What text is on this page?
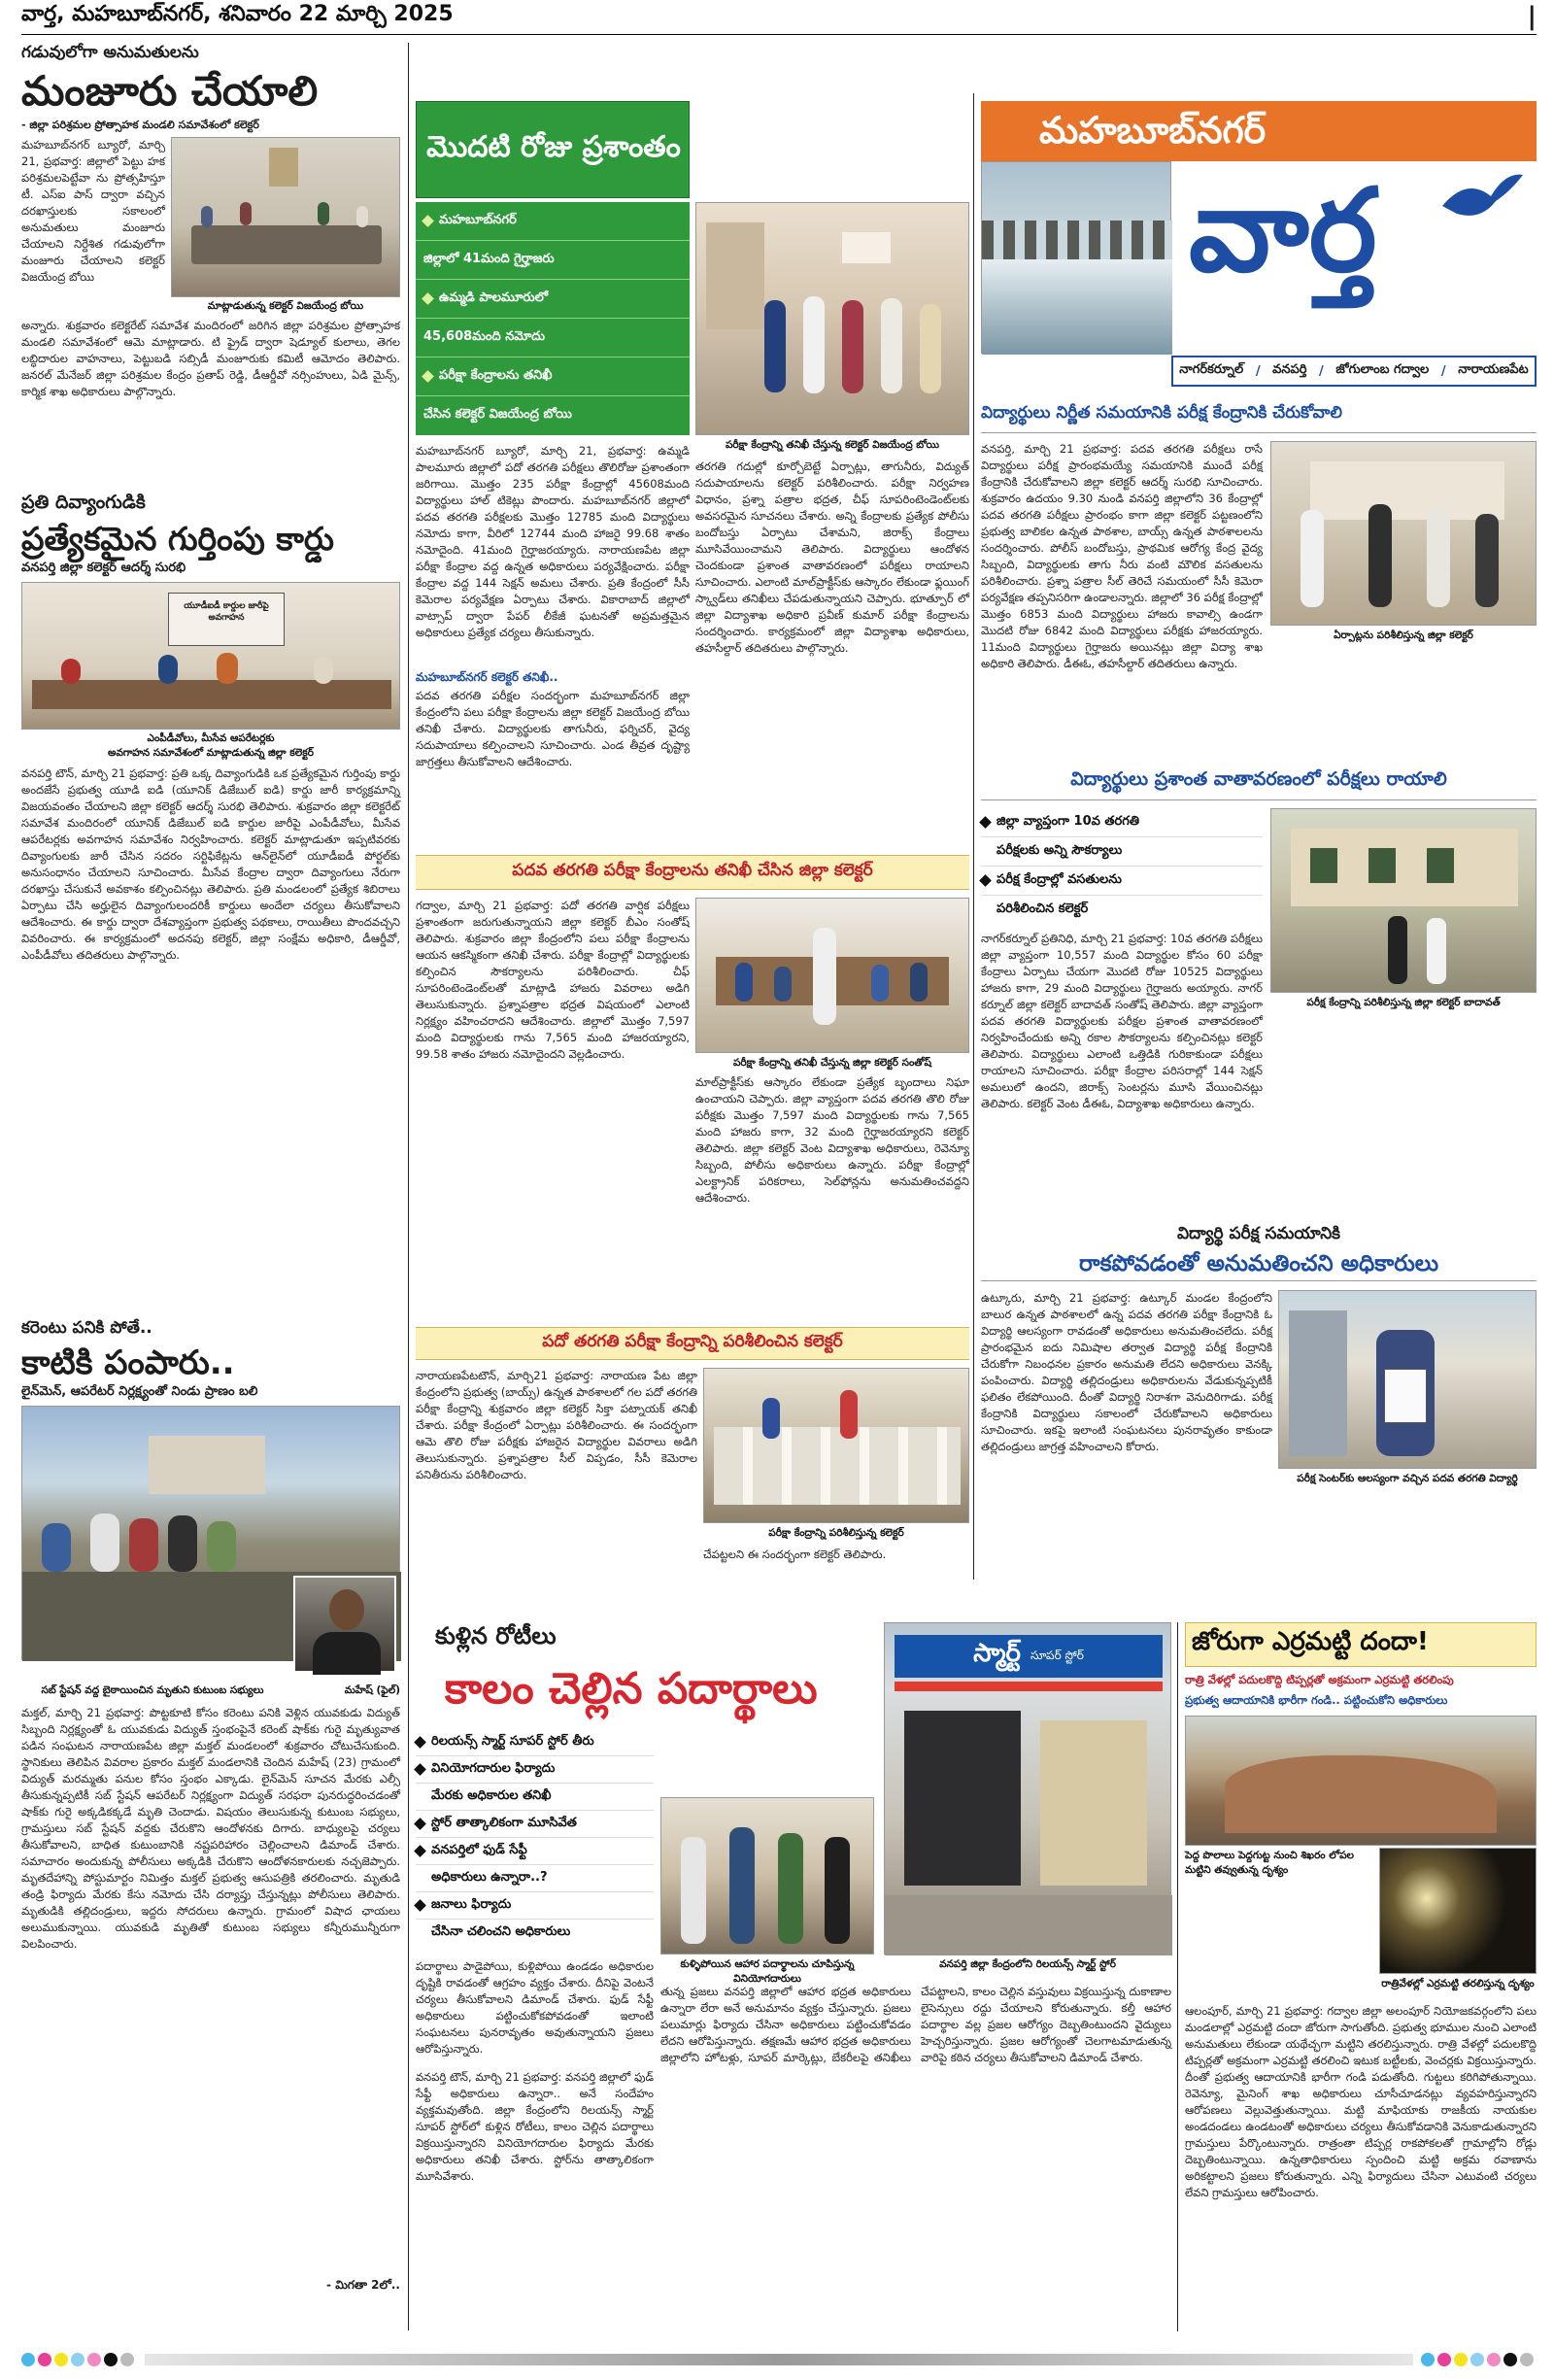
వార్త, మహబూబ్‌నగర్, శనివారం 22 మార్చి 2025	|
గడువులోగా అనుమతులను
మంజూరు చేయాలి
- జిల్లా పరిశ్రమల ప్రోత్సాహక మండలి సమావేశంలో కలెక్టర్
మహబూబ్‌నగర్ బ్యూరో, మార్చి 21, ప్రభవార్త: జిల్లాలో పెట్టు హక పరిశ్రమలపెట్టేవా ను ప్రోత్సహిస్తూ టీ. ఎస్ఐ పాస్ ద్వారా వచ్చిన దరఖాస్తులకు సకాలంలో అనుమతులు మంజూరు చేయాలని నిర్దేశిత గడువులోగా మంజూరు చేయాలని కలెక్టర్ విజయేంద్ర బోయి
మాట్లాడుతున్న కలెక్టర్ విజయేంద్ర బోయి
అన్నారు. శుక్రవారం కలెక్టరేట్ సమావేశ మందిరంలో జరిగిన జిల్లా పరిశ్రమల ప్రోత్సాహక మండలి సమావేశంలో ఆమె మాట్లాడారు. టి ఫ్రైడ్ ద్వారా షెడ్యూల్ కులాలు, తెగల లబ్ధిదారుల వాహనాలు, పెట్టుబడి సబ్సిడీ మంజూరుకు కమిటీ ఆమోదం తెలిపారు. జనరల్ మేనేజర్ జిల్లా పరిశ్రమల కేంద్రం ప్రతాప్ రెడ్డి, డీఆర్డీవో నర్సింహులు, ఏడి మైన్స్, కార్మిక శాఖ అధికారులు పాల్గొన్నారు.
ప్రతి దివ్యాంగుడికి
ప్రత్యేకమైన గుర్తింపు కార్డు
వనపర్తి జిల్లా కలెక్టర్ ఆదర్శ్ సురభి
యూడీఐడీ కార్డుల జారీపై అవగాహన
ఎంపీడీవోలు, మీసేవ ఆపరేటర్లకు
అవగాహన సమావేశంలో మాట్లాడుతున్న జిల్లా కలెక్టర్
వనపర్తి టౌన్, మార్చి 21 ప్రభవార్త: ప్రతి ఒక్క దివ్యాంగుడికి ఒక ప్రత్యేకమైన గుర్తింపు కార్డు అందజేసే ప్రభుత్వ యూడి ఐడి (యూనిక్ డిజేబుల్ ఐడి) కార్డు జారీ కార్యక్రమాన్ని విజయవంతం చేయాలని జిల్లా కలెక్టర్ ఆదర్శ్ సురభి తెలిపారు. శుక్రవారం జిల్లా కలెక్టరేట్ సమావేశ మందిరంలో యూనిక్ డిజేబుల్ ఐడి కార్డుల జారీపై ఎంపీడీవోలు, మీసేవ ఆపరేటర్లకు అవగాహన సమావేశం నిర్వహించారు. కలెక్టర్ మాట్లాడుతూ ఇప్పటివరకు దివ్యాంగులకు జారీ చేసిన సదరం సర్టిఫికేట్లను ఆన్‌లైన్‌లో యూడీఐడీ పోర్టల్‌కు అనుసంధానం చేయాలని సూచించారు. మీసేవ కేంద్రాల ద్వారా దివ్యాంగులు నేరుగా దరఖాస్తు చేసుకునే అవకాశం కల్పించినట్లు తెలిపారు. ప్రతి మండలంలో ప్రత్యేక శిబిరాలు ఏర్పాటు చేసి అర్హులైన దివ్యాంగులందరికీ కార్డులు అందేలా చర్యలు తీసుకోవాలని ఆదేశించారు. ఈ కార్డు ద్వారా దేశవ్యాప్తంగా ప్రభుత్వ పథకాలు, రాయితీలు పొందవచ్చని వివరించారు. ఈ కార్యక్రమంలో అదనపు కలెక్టర్, జిల్లా సంక్షేమ అధికారి, డీఆర్డీవో, ఎంపీడీవోలు తదితరులు పాల్గొన్నారు.
కరెంటు పనికి పోతే..
కాటికి పంపారు..
లైన్‌మెన్, ఆపరేటర్ నిర్లక్ష్యంతో నిండు ప్రాణం బలి
సబ్ స్టేషన్ వద్ద బైఠాయించిన మృతుని కుటుంబ సభ్యులు	మహేష్ (ఫైల్)
మక్తల్, మార్చి 21 ప్రభవార్త: పొట్టకూటి కోసం కరెంటు పనికి వెళ్లిన యువకుడు విద్యుత్ సిబ్బంది నిర్లక్ష్యంతో ఓ యువకుడు విద్యుత్ స్తంభంపైనే కరెంట్ షాక్‌కు గురై మృత్యువాత పడిన సంఘటన నారాయణపేట జిల్లా మక్తల్ మండలంలో శుక్రవారం చోటుచేసుకుంది. స్థానికులు తెలిపిన వివరాల ప్రకారం మక్తల్ మండలానికి చెందిన మహేష్ (23) గ్రామంలో విద్యుత్ మరమ్మతు పనుల కోసం స్తంభం ఎక్కాడు. లైన్‌మెన్ సూచన మేరకు ఎల్సీ తీసుకున్నప్పటికీ సబ్ స్టేషన్ ఆపరేటర్ నిర్లక్ష్యంగా విద్యుత్ సరఫరా పునరుద్ధరించడంతో షాక్‌కు గురై అక్కడికక్కడే మృతి చెందాడు. విషయం తెలుసుకున్న కుటుంబ సభ్యులు, గ్రామస్తులు సబ్ స్టేషన్ వద్దకు చేరుకొని ఆందోళనకు దిగారు. బాధ్యులపై చర్యలు తీసుకోవాలని, బాధిత కుటుంబానికి నష్టపరిహారం చెల్లించాలని డిమాండ్ చేశారు. సమాచారం అందుకున్న పోలీసులు అక్కడికి చేరుకొని ఆందోళనకారులకు నచ్చజెప్పారు. మృతదేహాన్ని పోస్టుమార్టం నిమిత్తం మక్తల్ ప్రభుత్వ ఆసుపత్రికి తరలించారు. మృతుడి తండ్రి ఫిర్యాదు మేరకు కేసు నమోదు చేసి దర్యాప్తు చేస్తున్నట్లు పోలీసులు తెలిపారు. మృతుడికి తల్లిదండ్రులు, ఇద్దరు సోదరులు ఉన్నారు. గ్రామంలో విషాద ఛాయలు అలుముకున్నాయి. యువకుడి మృతితో కుటుంబ సభ్యులు కన్నీరుమున్నీరుగా విలపించారు.
- మిగతా 2లో..
మొదటి రోజు ప్రశాంతం
మహబూబ్‌నగర్
జిల్లాలో 41మంది గైర్హాజరు
ఉమ్మడి పాలమూరులో
45,608మంది నమోదు
పరీక్షా కేంద్రాలను తనిఖీ
చేసిన కలెక్టర్ విజయేంద్ర బోయి
పరీక్షా కేంద్రాన్ని తనిఖీ చేస్తున్న కలెక్టర్ విజయేంద్ర బోయి
మహబూబ్‌నగర్ బ్యూరో, మార్చి 21, ప్రభవార్త: ఉమ్మడి పాలమూరు జిల్లాలో పదో తరగతి పరీక్షలు తొలిరోజు ప్రశాంతంగా జరిగాయి. మొత్తం 235 పరీక్షా కేంద్రాల్లో 45608మంది విద్యార్థులు హాల్ టికెట్లు పొందారు. మహబూబ్‌నగర్ జిల్లాలో పదవ తరగతి పరీక్షలకు మొత్తం 12785 మంది విద్యార్థులు నమోదు కాగా, వీరిలో 12744 మంది హాజరై 99.68 శాతం నమోదైంది. 41మంది గైర్హాజరయ్యారు. నారాయణపేట జిల్లా పరీక్షా కేంద్రాల వద్ద ఉన్నత అధికారులు పర్యవేక్షించారు. పరీక్షా కేంద్రాల వద్ద 144 సెక్షన్ అమలు చేశారు. ప్రతి కేంద్రంలో సీసీ కెమెరాల పర్యవేక్షణ ఏర్పాటు చేశారు. వికారాబాద్ జిల్లాలో వాట్సాప్ ద్వారా పేపర్ లీకేజీ ఘటనతో అప్రమత్తమైన అధికారులు ప్రత్యేక చర్యలు తీసుకున్నారు.
మహబూబ్‌నగర్ కలెక్టర్ తనిఖీ..
పదవ తరగతి పరీక్షల సందర్భంగా మహబూబ్‌నగర్ జిల్లా కేంద్రంలోని పలు పరీక్షా కేంద్రాలను జిల్లా కలెక్టర్ విజయేంద్ర బోయి తనిఖీ చేశారు. విద్యార్థులకు తాగునీరు, ఫర్నిచర్, వైద్య సదుపాయాలు కల్పించాలని సూచించారు. ఎండ తీవ్రత దృష్ట్యా జాగ్రత్తలు తీసుకోవాలని ఆదేశించారు.
తరగతి గదుల్లో కూర్చోబెట్టే ఏర్పాట్లు, తాగునీరు, విద్యుత్ సదుపాయాలను కలెక్టర్ పరిశీలించారు. పరీక్షా నిర్వహణ విధానం, ప్రశ్నా పత్రాల భద్రత, చీఫ్ సూపరింటెండెంట్‌లకు అవసరమైన సూచనలు చేశారు. అన్ని కేంద్రాలకు ప్రత్యేక పోలీసు బందోబస్తు ఏర్పాటు చేశామని, జిరాక్స్ కేంద్రాలు మూసివేయించామని తెలిపారు. విద్యార్థులు ఆందోళన చెందకుండా ప్రశాంత వాతావరణంలో పరీక్షలు రాయాలని సూచించారు. ఎలాంటి మాల్‌ప్రాక్టీస్‌కు ఆస్కారం లేకుండా ఫ్లయింగ్ స్క్వాడ్‌లు తనిఖీలు చేపడుతున్నాయని చెప్పారు. భూత్పూర్ లో జిల్లా విద్యాశాఖ అధికారి ప్రవీణ్ కుమార్ పరీక్షా కేంద్రాలను సందర్శించారు. కార్యక్రమంలో జిల్లా విద్యాశాఖ అధికారులు, తహసీల్దార్ తదితరులు పాల్గొన్నారు.
పదవ తరగతి పరీక్షా కేంద్రాలను తనిఖీ చేసిన జిల్లా కలెక్టర్
గద్వాల, మార్చి 21 ప్రభవార్త: పదో తరగతి వార్షిక పరీక్షలు ప్రశాంతంగా జరుగుతున్నాయని జిల్లా కలెక్టర్ బీఎం సంతోష్ తెలిపారు. శుక్రవారం జిల్లా కేంద్రంలోని పలు పరీక్షా కేంద్రాలను ఆయన ఆకస్మికంగా తనిఖీ చేశారు. పరీక్షా కేంద్రాల్లో విద్యార్థులకు కల్పించిన సౌకర్యాలను పరిశీలించారు. చీఫ్ సూపరింటెండెంట్‌లతో మాట్లాడి హాజరు వివరాలు అడిగి తెలుసుకున్నారు. ప్రశ్నాపత్రాల భద్రత విషయంలో ఎలాంటి నిర్లక్ష్యం వహించరాదని ఆదేశించారు. జిల్లాలో మొత్తం 7,597 మంది విద్యార్థులకు గాను 7,565 మంది హాజరయ్యారని, 99.58 శాతం హాజరు నమోదైందని వెల్లడించారు.
పరీక్షా కేంద్రాన్ని తనిఖీ చేస్తున్న జిల్లా కలెక్టర్ సంతోష్
మాల్‌ప్రాక్టీస్‌కు ఆస్కారం లేకుండా ప్రత్యేక బృందాలు నిఘా ఉంచాయని చెప్పారు. జిల్లా వ్యాప్తంగా పదవ తరగతి తొలి రోజు పరీక్షకు మొత్తం 7,597 మంది విద్యార్థులకు గాను 7,565 మంది హాజరు కాగా, 32 మంది గైర్హాజరయ్యారని కలెక్టర్ తెలిపారు. జిల్లా కలెక్టర్ వెంట విద్యాశాఖ అధికారులు, రెవెన్యూ సిబ్బంది, పోలీసు అధికారులు ఉన్నారు. పరీక్షా కేంద్రాల్లో ఎలక్ట్రానిక్ పరికరాలు, సెల్‌ఫోన్లను అనుమతించవద్దని ఆదేశించారు.
పదో తరగతి పరీక్షా కేంద్రాన్ని పరిశీలించిన కలెక్టర్
నారాయణపేటటౌన్, మార్చి21 ప్రభవార్త: నారాయణ పేట జిల్లా కేంద్రంలోని ప్రభుత్వ (బాయ్స్) ఉన్నత పాఠశాలలో గల పదో తరగతి పరీక్షా కేంద్రాన్ని శుక్రవారం జిల్లా కలెక్టర్ సిక్తా పట్నాయక్ తనిఖీ చేశారు. పరీక్షా కేంద్రంలో ఏర్పాట్లు పరిశీలించారు. ఈ సందర్భంగా ఆమె తొలి రోజు పరీక్షకు హాజరైన విద్యార్థుల వివరాలు అడిగి తెలుసుకున్నారు. ప్రశ్నాపత్రాల సీల్ విప్పడం, సీసీ కెమెరాల పనితీరును పరిశీలించారు.
పరీక్షా కేంద్రాన్ని పరిశీలిస్తున్న కలెక్టర్
చేపట్టలని ఈ సందర్భంగా కలెక్టర్ తెలిపారు.
మహబూబ్‌నగర్
వార్త
నాగర్‌కర్నూల్ / వనపర్తి / జోగులాంబ గద్వాల / నారాయణపేట
విద్యార్థులు నిర్ణీత సమయానికి పరీక్ష కేంద్రానికి చేరుకోవాలి
వనపర్తి, మార్చి 21 ప్రభవార్త: పదవ తరగతి పరీక్షలు రాసే విద్యార్థులు పరీక్ష ప్రారంభమయ్యే సమయానికి ముందే పరీక్ష కేంద్రానికి చేరుకోవాలని జిల్లా కలెక్టర్ ఆదర్శ్ సురభి సూచించారు. శుక్రవారం ఉదయం 9.30 నుండి వనపర్తి జిల్లాలోని 36 కేంద్రాల్లో పదవ తరగతి పరీక్షలు ప్రారంభం కాగా జిల్లా కలెక్టర్ పట్టణంలోని ప్రభుత్వ బాలికల ఉన్నత పాఠశాల, బాయ్స్ ఉన్నత పాఠశాలలను సందర్శించారు. పోలీస్ బందోబస్తు, ప్రాథమిక ఆరోగ్య కేంద్ర వైద్య సిబ్బంది, విద్యార్థులకు తాగు నీరు వంటి మౌలిక వసతులను పరిశీలించారు. ప్రశ్నా పత్రాల సీల్ తెరిచే సమయంలో సీసీ కెమెరా పర్యవేక్షణ తప్పనిసరిగా ఉండాలన్నారు. జిల్లాలో 36 పరీక్ష కేంద్రాల్లో మొత్తం 6853 మంది విద్యార్థులు హాజరు కావాల్సి ఉండగా మొదటి రోజు 6842 మంది విద్యార్థులు పరీక్షకు హాజరయ్యారు. 11మంది విద్యార్థులు గైర్హాజరు అయినట్లు జిల్లా విద్యా శాఖ అధికారి తెలిపారు. డీఈఓ, తహసీల్దార్ తదితరులు ఉన్నారు.
ఏర్పాట్లను పరిశీలిస్తున్న జిల్లా కలెక్టర్
విద్యార్థులు ప్రశాంత వాతావరణంలో పరీక్షలు రాయాలి
జిల్లా వ్యాప్తంగా 10వ తరగతి
పరీక్షలకు అన్ని సౌకర్యాలు
పరీక్ష కేంద్రాల్లో వసతులను
పరిశీలించిన కలెక్టర్
నాగర్‌కర్నూల్ ప్రతినిధి, మార్చి 21 ప్రభవార్త: 10వ తరగతి పరీక్షలు జిల్లా వ్యాప్తంగా 10,557 మంది విద్యార్థుల కోసం 60 పరీక్షా కేంద్రాలు ఏర్పాటు చేయగా మొదటి రోజు 10525 విద్యార్థులు హాజరు కాగా, 29 మంది విద్యార్థులు గైర్హాజరు అయ్యారు. నాగర్ కర్నూల్ జిల్లా కలెక్టర్ బాదావత్ సంతోష్ తెలిపారు. జిల్లా వ్యాప్తంగా పదవ తరగతి విద్యార్థులకు పరీక్షల ప్రశాంత వాతావరణంలో నిర్వహించేందుకు అన్ని రకాల సౌకర్యాలను కల్పించినట్లు కలెక్టర్ తెలిపారు. విద్యార్థులు ఎలాంటి ఒత్తిడికి గురికాకుండా పరీక్షలు రాయాలని సూచించారు. పరీక్షా కేంద్రాల పరిసరాల్లో 144 సెక్షన్ అమలులో ఉందని, జిరాక్స్ సెంటర్లను మూసి వేయించినట్లు తెలిపారు. కలెక్టర్ వెంట డీఈఓ, విద్యాశాఖ అధికారులు ఉన్నారు.
పరీక్ష కేంద్రాన్ని పరిశీలిస్తున్న జిల్లా కలెక్టర్ బాదావత్
విద్యార్థి పరీక్ష సమయానికి
రాకపోవడంతో అనుమతించని అధికారులు
ఉట్కూరు, మార్చి 21 ప్రభవార్త: ఉట్కూర్ మండల కేంద్రంలోని బాలుర ఉన్నత పాఠశాలలో ఉన్న పదవ తరగతి పరీక్షా కేంద్రానికి ఓ విద్యార్థి ఆలస్యంగా రావడంతో అధికారులు అనుమతించలేదు. పరీక్ష ప్రారంభమైన ఐదు నిమిషాల తర్వాత విద్యార్థి పరీక్ష కేంద్రానికి చేరుకోగా నిబంధనల ప్రకారం అనుమతి లేదని అధికారులు వెనక్కి పంపించారు. విద్యార్థి తల్లిదండ్రులు అధికారులను వేడుకున్నప్పటికీ ఫలితం లేకపోయింది. దీంతో విద్యార్థి నిరాశగా వెనుదిరిగాడు. పరీక్ష కేంద్రానికి విద్యార్థులు సకాలంలో చేరుకోవాలని అధికారులు సూచించారు. ఇకపై ఇలాంటి సంఘటనలు పునరావృతం కాకుండా తల్లిదండ్రులు జాగ్రత్త వహించాలని కోరారు.
పరీక్ష సెంటర్‌కు ఆలస్యంగా వచ్చిన పదవ తరగతి విద్యార్థి
కుళ్లిన రోటీలు
కాలం చెల్లిన పదార్థాలు
రిలయన్స్ స్మార్ట్ సూపర్ స్టోర్ తీరు
వినియోగదారుల ఫిర్యాదు
మేరకు అధికారుల తనిఖీ
స్టోర్ తాత్కాలికంగా మూసివేత
వనపర్తిలో ఫుడ్ సేఫ్టీ
అధికారులు ఉన్నారా..?
జనాలు ఫిర్యాదు
చేసినా చలించని అధికారులు
కుళ్ళిపోయిన ఆహార పదార్థాలను చూపిస్తున్న వినియోగదారులు
స్మార్ట్ సూపర్ స్టోర్
వనపర్తి జిల్లా కేంద్రంలోని రిలయన్స్ స్మార్ట్ స్టోర్
పదార్థాలు పాడైపోయి, కుళ్లిపోయి ఉండడం అధికారుల దృష్టికి రావడంతో ఆగ్రహం వ్యక్తం చేశారు. దీనిపై వెంటనే చర్యలు తీసుకోవాలని డిమాండ్ చేశారు. ఫుడ్ సేఫ్టీ అధికారులు పట్టించుకోకపోవడంతో ఇలాంటి సంఘటనలు పునరావృతం అవుతున్నాయని ప్రజలు ఆరోపిస్తున్నారు.
వనపర్తి టౌన్, మార్చి 21 ప్రభవార్త: వనపర్తి జిల్లాలో ఫుడ్ సేఫ్టీ అధికారులు ఉన్నారా.. అనే సందేహం వ్యక్తమవుతోంది. జిల్లా కేంద్రంలోని రిలయన్స్ స్మార్ట్ సూపర్ స్టోర్‌లో కుళ్లిన రోటీలు, కాలం చెల్లిన పదార్థాలు విక్రయిస్తున్నారని వినియోగదారుల ఫిర్యాదు మేరకు అధికారులు తనిఖీ చేశారు. స్టోర్‌ను తాత్కాలికంగా మూసివేశారు.
తున్న ప్రజలు వనపర్తి జిల్లాలో ఆహార భద్రత అధికారులు ఉన్నారా లేరా అనే అనుమానం వ్యక్తం చేస్తున్నారు. ప్రజలు పలుమార్లు ఫిర్యాదు చేసినా అధికారులు పట్టించుకోవడం లేదని ఆరోపిస్తున్నారు. తక్షణమే ఆహార భద్రత అధికారులు జిల్లాలోని హోటళ్లు, సూపర్ మార్కెట్లు, బేకరీలపై తనిఖీలు చేపట్టాలని, కాలం చెల్లిన వస్తువులు విక్రయిస్తున్న దుకాణాల లైసెన్సులు రద్దు చేయాలని కోరుతున్నారు. కల్తీ ఆహార పదార్థాల వల్ల ప్రజల ఆరోగ్యం దెబ్బతింటుందని వైద్యులు హెచ్చరిస్తున్నారు. ప్రజల ఆరోగ్యంతో చెలగాటమాడుతున్న వారిపై కఠిన చర్యలు తీసుకోవాలని డిమాండ్ చేశారు.
జోరుగా ఎర్రమట్టి దందా!
రాత్రి వేళల్లో పదులకొద్ది టిప్పర్లతో అక్రమంగా ఎర్రమట్టి తరలింపు
ప్రభుత్వ ఆదాయానికి భారీగా గండి.. పట్టించుకోని అధికారులు
పెద్ద పొలాలు పెద్దగుట్ట నుంచి శిఖరం లోపల మట్టిని తవ్వుతున్న దృశ్యం
రాత్రివేళల్లో ఎర్రమట్టి తరలిస్తున్న దృశ్యం
ఆలంపూర్, మార్చి 21 ప్రభవార్త: గద్వాల జిల్లా అలంపూర్ నియోజకవర్గంలోని పలు మండలాల్లో ఎర్రమట్టి దందా జోరుగా సాగుతోంది. ప్రభుత్వ భూముల నుంచి ఎలాంటి అనుమతులు లేకుండా యథేచ్ఛగా మట్టిని తరలిస్తున్నారు. రాత్రి వేళల్లో పదులకొద్ది టిప్పర్లతో అక్రమంగా ఎర్రమట్టి తరలించి ఇటుక బట్టీలకు, వెంచర్లకు విక్రయిస్తున్నారు. దీంతో ప్రభుత్వ ఆదాయానికి భారీగా గండి పడుతోంది. గుట్టలు కరిగిపోతున్నాయి. రెవెన్యూ, మైనింగ్ శాఖ అధికారులు చూసీచూడనట్లు వ్యవహరిస్తున్నారని ఆరోపణలు వెల్లువెత్తుతున్నాయి. మట్టి మాఫియాకు రాజకీయ నాయకుల అండదండలు ఉండటంతో అధికారులు చర్యలు తీసుకోవడానికి వెనుకాడుతున్నారని గ్రామస్తులు పేర్కొంటున్నారు. రాత్రంతా టిప్పర్ల రాకపోకలతో గ్రామాల్లోని రోడ్లు దెబ్బతింటున్నాయి. ఉన్నతాధికారులు స్పందించి మట్టి అక్రమ రవాణాను అరికట్టాలని ప్రజలు కోరుతున్నారు. ఎన్ని ఫిర్యాదులు చేసినా ఎటువంటి చర్యలు లేవని గ్రామస్తులు ఆరోపించారు.
